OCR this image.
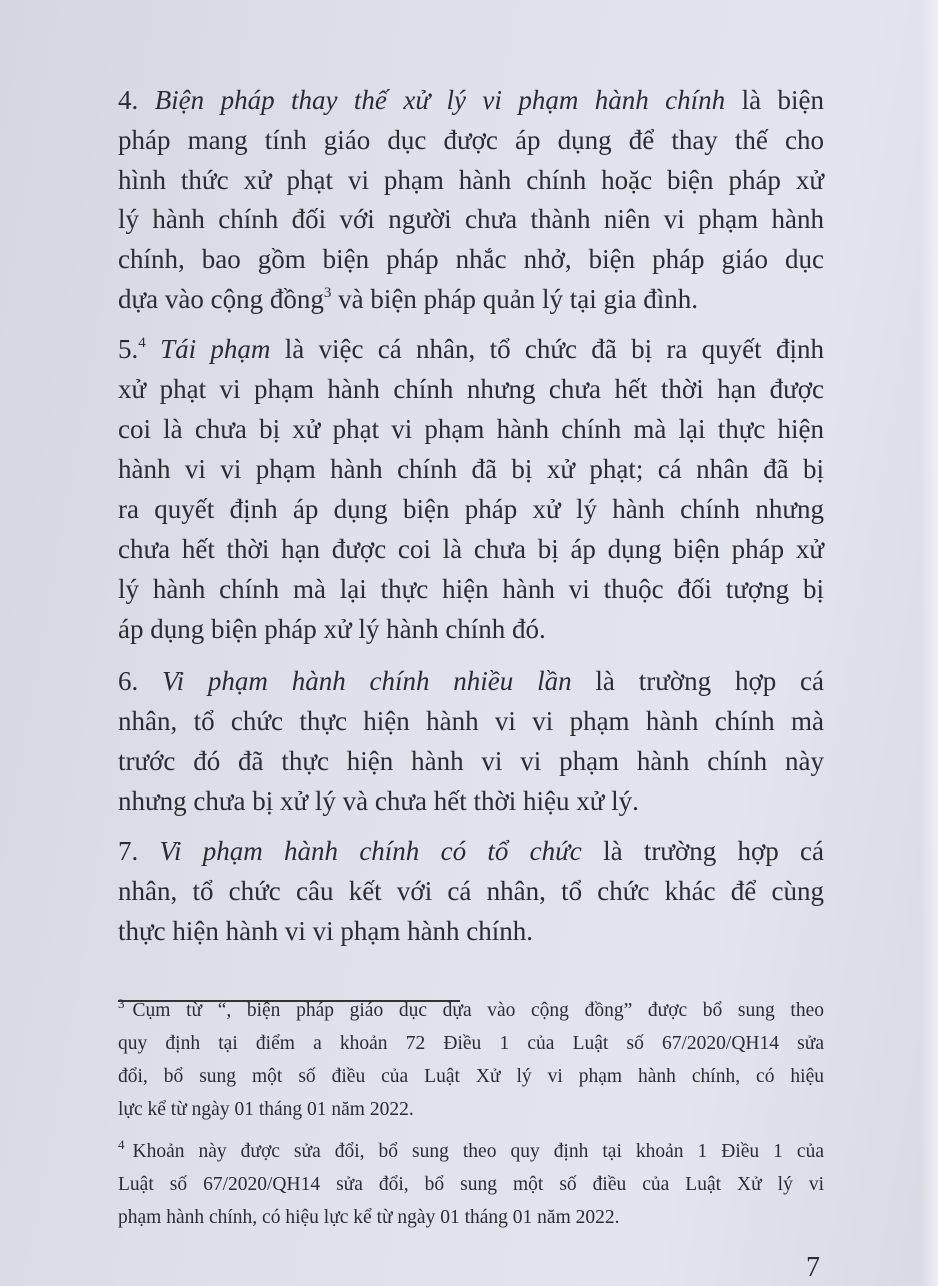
4. Biện pháp thay thế xử lý vi phạm hành chính là biện
pháp mang tính giáo dục được áp dụng để thay thế cho
hình thức xử phạt vi phạm hành chính hoặc biện pháp xử
lý hành chính đối với người chưa thành niên vi phạm hành
chính, bao gồm biện pháp nhắc nhở, biện pháp giáo dục
dựa vào cộng đồng$^3$ và biện pháp quản lý tại gia đình.
5.$^4$ Tái phạm là việc cá nhân, tổ chức đã bị ra quyết định
xử phạt vi phạm hành chính nhưng chưa hết thời hạn được
coi là chưa bị xử phạt vi phạm hành chính mà lại thực hiện
hành vi vi phạm hành chính đã bị xử phạt; cá nhân đã bị
ra quyết định áp dụng biện pháp xử lý hành chính nhưng
chưa hết thời hạn được coi là chưa bị áp dụng biện pháp xử
lý hành chính mà lại thực hiện hành vi thuộc đối tượng bị
áp dụng biện pháp xử lý hành chính đó.
6. Vi phạm hành chính nhiều lần là trường hợp cá
nhân, tổ chức thực hiện hành vi vi phạm hành chính mà
trước đó đã thực hiện hành vi vi phạm hành chính này
nhưng chưa bị xử lý và chưa hết thời hiệu xử lý.
7. Vi phạm hành chính có tổ chức là trường hợp cá
nhân, tổ chức câu kết với cá nhân, tổ chức khác để cùng
thực hiện hành vi vi phạm hành chính.
$^3$ Cụm từ “, biện pháp giáo dục dựa vào cộng đồng” được bổ sung theo
quy định tại điểm a khoản 72 Điều 1 của Luật số 67/2020/QH14 sửa
đổi, bổ sung một số điều của Luật Xử lý vi phạm hành chính, có hiệu
lực kể từ ngày 01 tháng 01 năm 2022.
$^4$ Khoản này được sửa đổi, bổ sung theo quy định tại khoản 1 Điều 1 của
Luật số 67/2020/QH14 sửa đổi, bổ sung một số điều của Luật Xử lý vi
phạm hành chính, có hiệu lực kể từ ngày 01 tháng 01 năm 2022.
7
